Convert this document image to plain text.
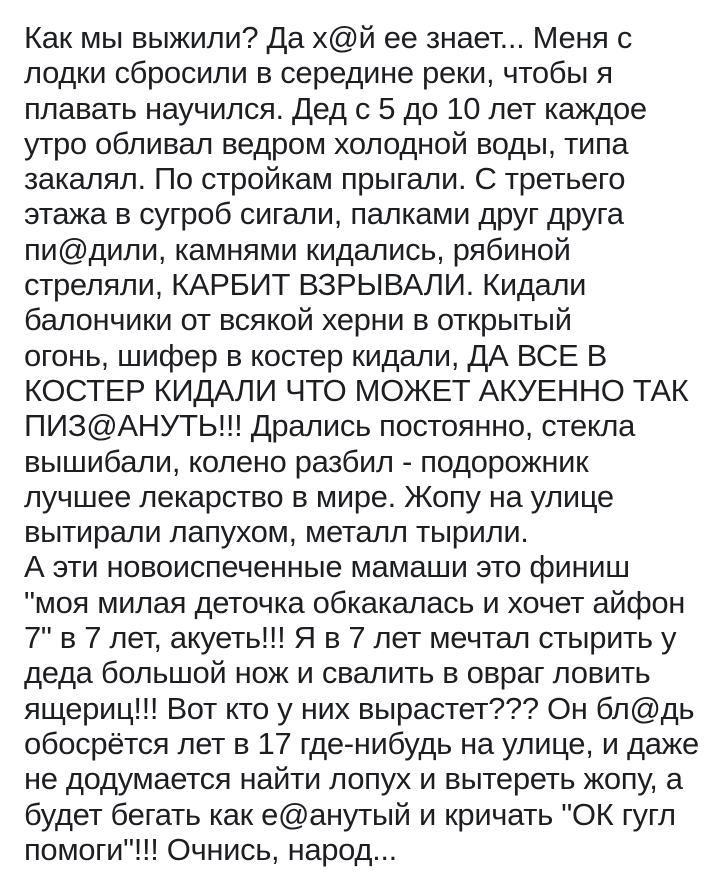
Как мы выжили? Да х@й ее знает... Меня с
лодки сбросили в середине реки, чтобы я
плавать научился. Дед с 5 до 10 лет каждое
утро обливал ведром холодной воды, типа
закалял. По стройкам прыгали. С третьего
этажа в сугроб сигали, палками друг друга
пи@дили, камнями кидались, рябиной
стреляли, КАРБИТ ВЗРЫВАЛИ. Кидали
балончики от всякой херни в открытый
огонь, шифер в костер кидали, ДА ВСЕ В
КОСТЕР КИДАЛИ ЧТО МОЖЕТ АКУЕННО ТАК
ПИЗ@АНУТЬ!!! Дрались постоянно, стекла
вышибали, колено разбил - подорожник
лучшее лекарство в мире. Жопу на улице
вытирали лапухом, металл тырили.
А эти новоиспеченные мамаши это финиш
"моя милая деточка обкакалась и хочет айфон
7" в 7 лет, акуеть!!! Я в 7 лет мечтал стырить у
деда большой нож и свалить в овраг ловить
ящериц!!! Вот кто у них вырастет??? Он бл@дь
обосрётся лет в 17 где-нибудь на улице, и даже
не додумается найти лопух и вытереть жопу, а
будет бегать как е@анутый и кричать "ОК гугл
помоги"!!! Очнись, народ...
